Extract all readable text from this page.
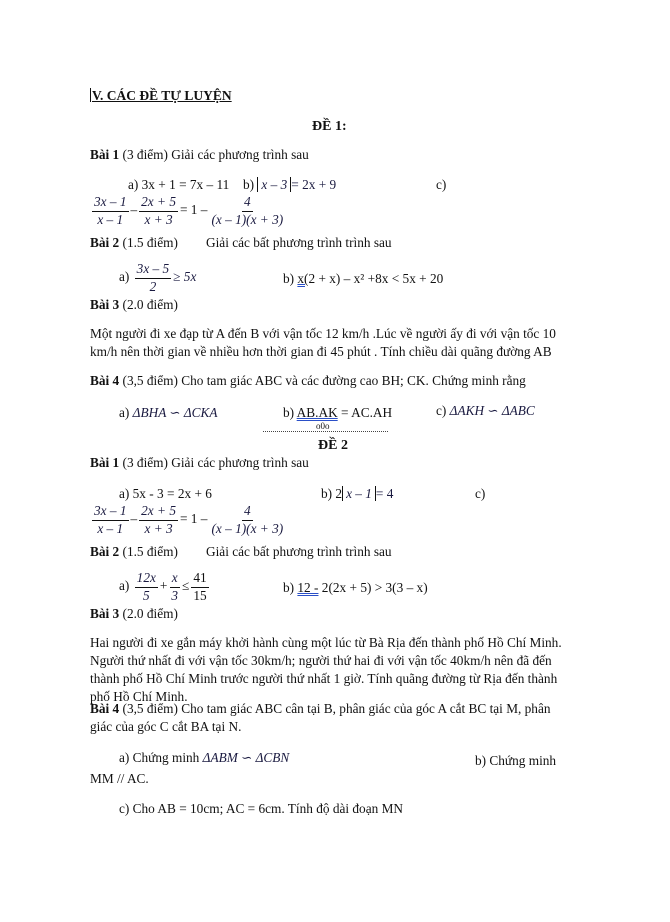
V. CÁC ĐỀ TỰ LUYỆN
ĐỀ 1:
Bài 1 (3 điểm) Giải các phương trình sau
a) 3x + 1 = 7x – 11 b) x – 3 = 2x + 9	c)
$\frac{3x - 1}{x - 1} - \frac{2x + 5}{x + 3} = 1 - \frac{4}{(x - 1)(x + 3)}$
Bài 2 (1.5 điểm) Giải các bất phương trình trình sau
$a) \frac{3x - 5}{2} \ge 5x$	b) x(2 + x) – x² +8x < 5x + 20
Bài 3 (2.0 điểm)
Một người đi xe đạp từ A đến B với vận tốc 12 km/h .Lúc về người ấy đi với vận tốc 10 km/h nên thời gian về nhiều hơn thời gian đi 45 phút . Tính chiều dài quãng đường AB
Bài 4 (3,5 điểm) Cho tam giác ABC và các đường cao BH; CK. Chứng minh rằng
a) ΔBHA ∽ ΔCKA	b) AB.AK = AC.AH	c) ΔAKH ∽ ΔABC
o0o
ĐỀ 2
Bài 1 (3 điểm) Giải các phương trình sau
a) 5x - 3 = 2x + 6	b) 2 x – 1 = 4	c)
$\frac{3x - 1}{x - 1} - \frac{2x + 5}{x + 3} = 1 - \frac{4}{(x - 1)(x + 3)}$
Bài 2 (1.5 điểm) Giải các bất phương trình trình sau
$a) \frac{12x}{5} + \frac{x}{3} \le \frac{41}{15}$	b) 12 - 2(2x + 5) > 3(3 – x)
Bài 3 (2.0 điểm)
Hai người đi xe gắn máy khởi hành cùng một lúc từ Bà Rịa đến thành phố Hồ Chí Minh. Người thứ nhất đi với vận tốc 30km/h; người thứ hai đi với vận tốc 40km/h nên đã đến thành phố Hồ Chí Minh trước người thứ nhất 1 giờ. Tính quãng đường từ Rịa đến thành phố Hồ Chí Minh.
Bài 4 (3,5 điểm) Cho tam giác ABC cân tại B, phân giác của góc A cắt BC tại M, phân giác của góc C cắt BA tại N.
a) Chứng minh ΔABM ∽ ΔCBN	b) Chứng minh
MM // AC.
c) Cho AB = 10cm; AC = 6cm. Tính độ dài đoạn MN
